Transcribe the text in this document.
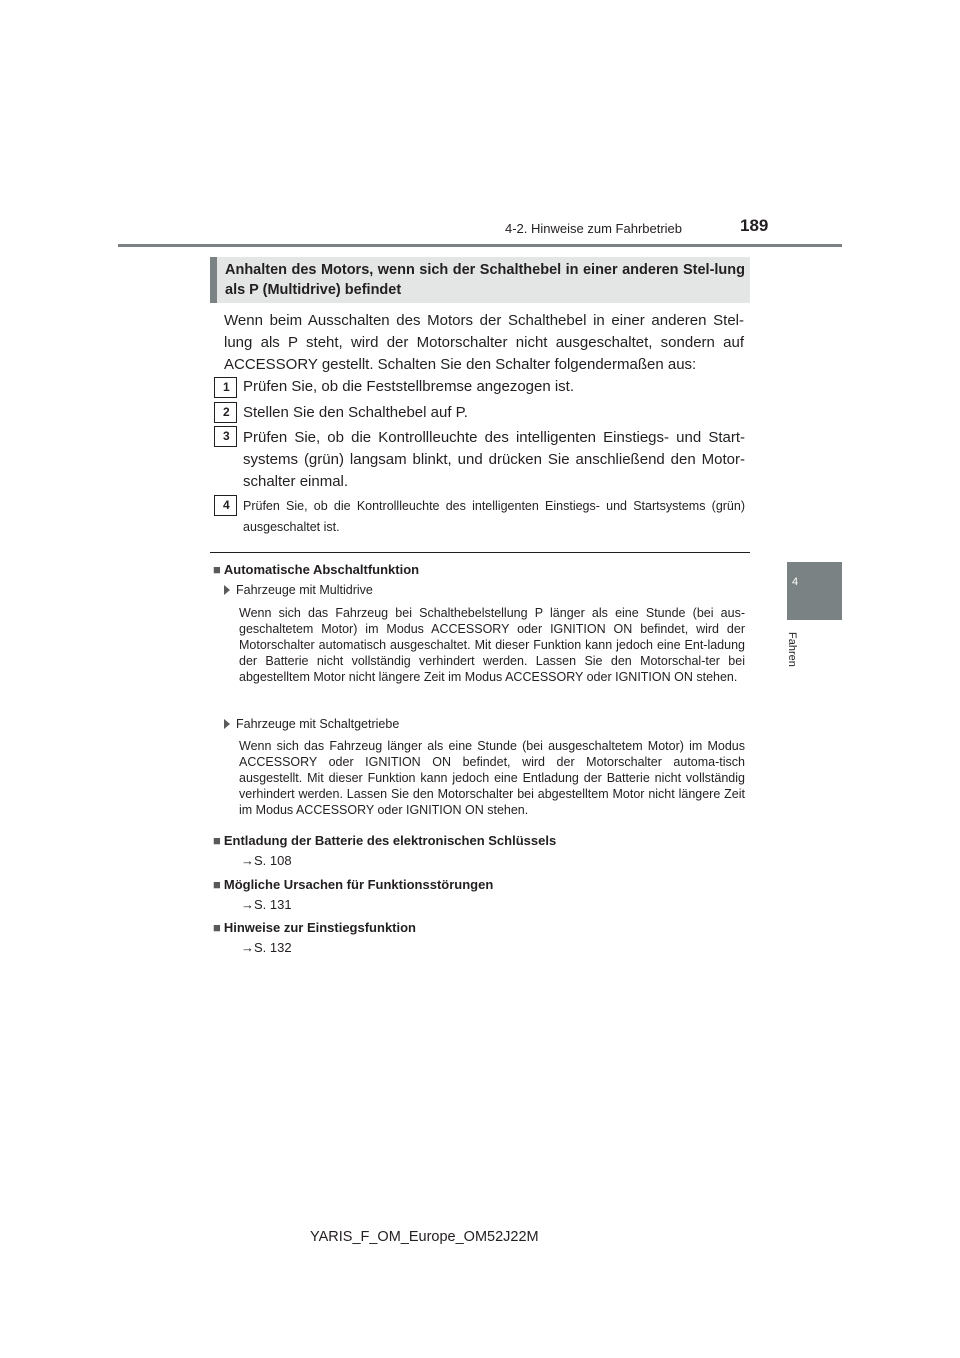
4-2. Hinweise zum Fahrbetrieb	189
4
Fahren
Anhalten des Motors, wenn sich der Schalthebel in einer anderen Stel-lung als P (Multidrive) befindet
Wenn beim Ausschalten des Motors der Schalthebel in einer anderen Stel-lung als P steht, wird der Motorschalter nicht ausgeschaltet, sondern auf ACCESSORY gestellt. Schalten Sie den Schalter folgendermaßen aus:
1 Prüfen Sie, ob die Feststellbremse angezogen ist.
2 Stellen Sie den Schalthebel auf P.
3 Prüfen Sie, ob die Kontrollleuchte des intelligenten Einstiegs- und Start-systems (grün) langsam blinkt, und drücken Sie anschließend den Motor-schalter einmal.
4	Prüfen Sie, ob die Kontrollleuchte des intelligenten Einstiegs- und Startsystems (grün) ausgeschaltet ist.
■ Automatische Abschaltfunktion
Fahrzeuge mit Multidrive
Wenn sich das Fahrzeug bei Schalthebelstellung P länger als eine Stunde (bei aus-geschaltetem Motor) im Modus ACCESSORY oder IGNITION ON befindet, wird der Motorschalter automatisch ausgeschaltet. Mit dieser Funktion kann jedoch eine Ent-ladung der Batterie nicht vollständig verhindert werden. Lassen Sie den Motorschal-ter bei abgestelltem Motor nicht längere Zeit im Modus ACCESSORY oder IGNITION ON stehen.
Fahrzeuge mit Schaltgetriebe
Wenn sich das Fahrzeug länger als eine Stunde (bei ausgeschaltetem Motor) im Modus ACCESSORY oder IGNITION ON befindet, wird der Motorschalter automa-tisch ausgestellt. Mit dieser Funktion kann jedoch eine Entladung der Batterie nicht vollständig verhindert werden. Lassen Sie den Motorschalter bei abgestelltem Motor nicht längere Zeit im Modus ACCESSORY oder IGNITION ON stehen.
■ Entladung der Batterie des elektronischen Schlüssels
→S. 108
■ Mögliche Ursachen für Funktionsstörungen
→S. 131
■ Hinweise zur Einstiegsfunktion
→S. 132
YARIS_F_OM_Europe_OM52J22M
